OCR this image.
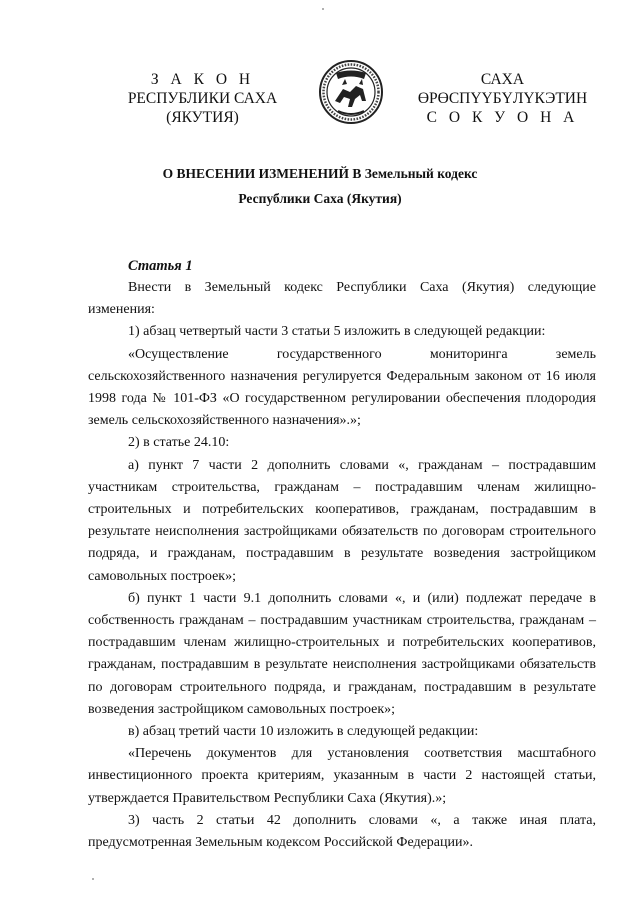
З А К О Н
РЕСПУБЛИКИ САХА (ЯКУТИЯ)
САХА ӨРӨСПҮҮБҮЛҮКЭТИН
С О К У О Н А
О ВНЕСЕНИИ ИЗМЕНЕНИЙ В Земельный кодекс
Республики Саха (Якутия)
Статья 1

Внести в Земельный кодекс Республики Саха (Якутия) следующие изменения:

1) абзац четвертый части 3 статьи 5 изложить в следующей редакции:

«Осуществление государственного мониторинга земель сельскохозяйственного назначения регулируется Федеральным законом от 16 июля 1998 года № 101-ФЗ «О государственном регулировании обеспечения плодородия земель сельскохозяйственного назначения».»;

2) в статье 24.10:

а) пункт 7 части 2 дополнить словами «, гражданам – пострадавшим участникам строительства, гражданам – пострадавшим членам жилищно-строительных и потребительских кооперативов, гражданам, пострадавшим в результате неисполнения застройщиками обязательств по договорам строительного подряда, и гражданам, пострадавшим в результате возведения застройщиком самовольных построек»;

б) пункт 1 части 9.1 дополнить словами «, и (или) подлежат передаче в собственность гражданам – пострадавшим участникам строительства, гражданам – пострадавшим членам жилищно-строительных и потребительских кооперативов, гражданам, пострадавшим в результате неисполнения застройщиками обязательств по договорам строительного подряда, и гражданам, пострадавшим в результате возведения застройщиком самовольных построек»;

в) абзац третий части 10 изложить в следующей редакции:

«Перечень документов для установления соответствия масштабного инвестиционного проекта критериям, указанным в части 2 настоящей статьи, утверждается Правительством Республики Саха (Якутия).»;

3) часть 2 статьи 42 дополнить словами «, а также иная плата, предусмотренная Земельным кодексом Российской Федерации».
